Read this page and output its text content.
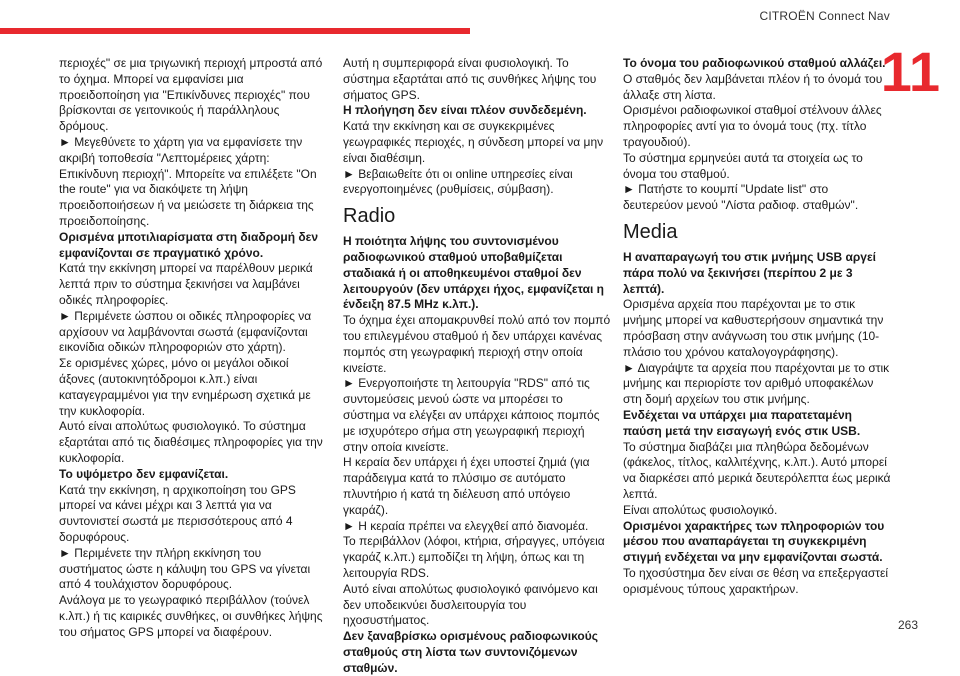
CITROËN Connect Nav
11

περιοχές" σε μια τριγωνική περιοχή μπροστά από το όχημα. Μπορεί να εμφανίσει μια προειδοποίηση για "Επικίνδυνες περιοχές" που βρίσκονται σε γειτονικούς ή παράλληλους δρόμους.

► Μεγεθύνετε το χάρτη για να εμφανίσετε την ακριβή τοποθεσία "Λεπτομέρειες χάρτη: Επικίνδυνη περιοχή". Μπορείτε να επιλέξετε "On the route" για να διακόψετε τη λήψη προειδοποιήσεων ή να μειώσετε τη διάρκεια της προειδοποίησης.

Ορισμένα μποτιλιαρίσματα στη διαδρομή δεν εμφανίζονται σε πραγματικό χρόνο.

Κατά την εκκίνηση μπορεί να παρέλθουν μερικά λεπτά πριν το σύστημα ξεκινήσει να λαμβάνει οδικές πληροφορίες.

► Περιμένετε ώσπου οι οδικές πληροφορίες να αρχίσουν να λαμβάνονται σωστά (εμφανίζονται εικονίδια οδικών πληροφοριών στο χάρτη).

Σε ορισμένες χώρες, μόνο οι μεγάλοι οδικοί άξονες (αυτοκινητόδρομοι κ.λπ.) είναι καταγεγραμμένοι για την ενημέρωση σχετικά με την κυκλοφορία.

Αυτό είναι απολύτως φυσιολογικό. Το σύστημα εξαρτάται από τις διαθέσιμες πληροφορίες για την κυκλοφορία.

Το υψόμετρο δεν εμφανίζεται.

Κατά την εκκίνηση, η αρχικοποίηση του GPS μπορεί να κάνει μέχρι και 3 λεπτά για να συντονιστεί σωστά με περισσότερους από 4 δορυφόρους.

► Περιμένετε την πλήρη εκκίνηση του συστήματος ώστε η κάλυψη του GPS να γίνεται από 4 τουλάχιστον δορυφόρους.

Ανάλογα με το γεωγραφικό περιβάλλον (τούνελ κ.λπ.) ή τις καιρικές συνθήκες, οι συνθήκες λήψης του σήματος GPS μπορεί να διαφέρουν.

Αυτή η συμπεριφορά είναι φυσιολογική. Το σύστημα εξαρτάται από τις συνθήκες λήψης του σήματος GPS.

Η πλοήγηση δεν είναι πλέον συνδεδεμένη.

Κατά την εκκίνηση και σε συγκεκριμένες γεωγραφικές περιοχές, η σύνδεση μπορεί να μην είναι διαθέσιμη.

► Βεβαιωθείτε ότι οι online υπηρεσίες είναι ενεργοποιημένες (ρυθμίσεις, σύμβαση).

Radio

Η ποιότητα λήψης του συντονισμένου ραδιοφωνικού σταθμού υποβαθμίζεται σταδιακά ή οι αποθηκευμένοι σταθμοί δεν λειτουργούν (δεν υπάρχει ήχος, εμφανίζεται η ένδειξη 87.5 MHz κ.λπ.).

Το όχημα έχει απομακρυνθεί πολύ από τον πομπό του επιλεγμένου σταθμού ή δεν υπάρχει κανένας πομπός στη γεωγραφική περιοχή στην οποία κινείστε.

► Ενεργοποιήστε τη λειτουργία "RDS" από τις συντομεύσεις μενού ώστε να μπορέσει το σύστημα να ελέγξει αν υπάρχει κάποιος πομπός με ισχυρότερο σήμα στη γεωγραφική περιοχή στην οποία κινείστε.

Η κεραία δεν υπάρχει ή έχει υποστεί ζημιά (για παράδειγμα κατά το πλύσιμο σε αυτόματο πλυντήριο ή κατά τη διέλευση από υπόγειο γκαράζ).

► Η κεραία πρέπει να ελεγχθεί από διανομέα.

Το περιβάλλον (λόφοι, κτήρια, σήραγγες, υπόγεια γκαράζ κ.λπ.) εμποδίζει τη λήψη, όπως και τη λειτουργία RDS.

Αυτό είναι απολύτως φυσιολογικό φαινόμενο και δεν υποδεικνύει δυσλειτουργία του ηχοσυστήματος.

Δεν ξαναβρίσκω ορισμένους ραδιοφωνικούς σταθμούς στη λίστα των συντονιζόμενων σταθμών.

Το όνομα του ραδιοφωνικού σταθμού αλλάζει.

Ο σταθμός δεν λαμβάνεται πλέον ή το όνομά του άλλαξε στη λίστα.

Ορισμένοι ραδιοφωνικοί σταθμοί στέλνουν άλλες πληροφορίες αντί για το όνομά τους (πχ. τίτλο τραγουδιού).

Το σύστημα ερμηνεύει αυτά τα στοιχεία ως το όνομα του σταθμού.

► Πατήστε το κουμπί "Update list" στο δευτερεύον μενού "Λίστα ραδιοφ. σταθμών".

Media

Η αναπαραγωγή του στικ μνήμης USB αργεί πάρα πολύ να ξεκινήσει (περίπου 2 με 3 λεπτά).

Ορισμένα αρχεία που παρέχονται με το στικ μνήμης μπορεί να καθυστερήσουν σημαντικά την πρόσβαση στην ανάγνωση του στικ μνήμης (10-πλάσιο του χρόνου καταλογογράφησης).

► Διαγράψτε τα αρχεία που παρέχονται με το στικ μνήμης και περιορίστε τον αριθμό υποφακέλων στη δομή αρχείων του στικ μνήμης.

Ενδέχεται να υπάρχει μια παρατεταμένη παύση μετά την εισαγωγή ενός στικ USB.

Το σύστημα διαβάζει μια πληθώρα δεδομένων (φάκελος, τίτλος, καλλιτέχνης, κ.λπ.). Αυτό μπορεί να διαρκέσει από μερικά δευτερόλεπτα έως μερικά λεπτά.

Είναι απολύτως φυσιολογικό.

Ορισμένοι χαρακτήρες των πληροφοριών του μέσου που αναπαράγεται τη συγκεκριμένη στιγμή ενδέχεται να μην εμφανίζονται σωστά.

Το ηχοσύστημα δεν είναι σε θέση να επεξεργαστεί ορισμένους τύπους χαρακτήρων.

263
